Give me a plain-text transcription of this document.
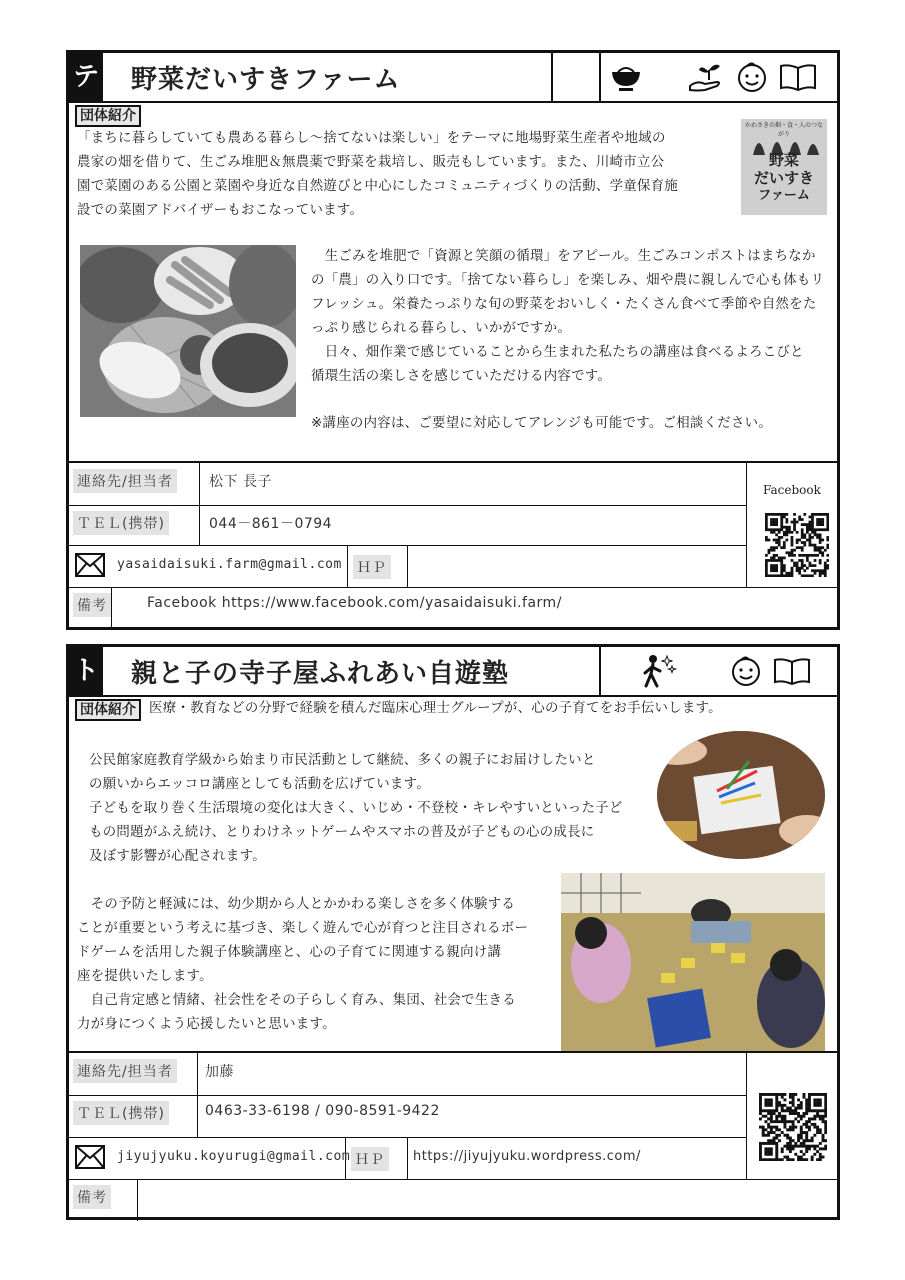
テ 野菜だいすきファーム
団体紹介
「まちに暮らしていても農ある暮らし～捨てないは楽しい」をテーマに地場野菜生産者や地域の
農家の畑を借りて、生ごみ堆肥＆無農薬で野菜を栽培し、販売もしています。また、川崎市立公
園で菜園のある公園と菜園や身近な自然遊びと中心にしたコミュニティづくりの活動、学童保育施
設での菜園アドバイザーもおこなっています。
かわさきの畑・食・人のつながり
野菜
だいすき
ファーム
　生ごみを堆肥で「資源と笑顔の循環」をアピール。生ごみコンポストはまちなか
の「農」の入り口です。「捨てない暮らし」を楽しみ、畑や農に親しんで心も体もリ
フレッシュ。栄養たっぷりな旬の野菜をおいしく・たくさん食べて季節や自然をた
っぷり感じられる暮らし、いかがですか。
　日々、畑作業で感じていることから生まれた私たちの講座は食べるよろこびと
循環生活の楽しさを感じていただける内容です。
※講座の内容は、ご要望に対応してアレンジも可能です。ご相談ください。
連絡先/担当者	松下 長子
ＴＥＬ(携帯)	044－861－0794
yasaidaisuki.farm@gmail.com ＨＰ
備考	Facebook https://www.facebook.com/yasaidaisuki.farm/
Facebook
ト 親と子の寺子屋ふれあい自遊塾
団体紹介 医療・教育などの分野で経験を積んだ臨床心理士グループが、心の子育てをお手伝いします。
公民館家庭教育学級から始まり市民活動として継続、多くの親子にお届けしたいと
の願いからエッコロ講座としても活動を広げています。
子どもを取り巻く生活環境の変化は大きく、いじめ・不登校・キレやすいといった子ど
もの問題がふえ続け、とりわけネットゲームやスマホの普及が子どもの心の成長に
及ぼす影響が心配されます。
　その予防と軽減には、幼少期から人とかかわる楽しさを多く体験する
ことが重要という考えに基づき、楽しく遊んで心が育つと注目されるボー
ドゲームを活用した親子体験講座と、心の子育てに関連する親向け講
座を提供いたします。
　自己肯定感と情緒、社会性をその子らしく育み、集団、社会で生きる
力が身につくよう応援したいと思います。
連絡先/担当者 加藤
ＴＥＬ(携帯)	0463-33-6198 / 090-8591-9422
jiyujyuku.koyurugi@gmail.com ＨＰ	https://jiyujyuku.wordpress.com/
備考
